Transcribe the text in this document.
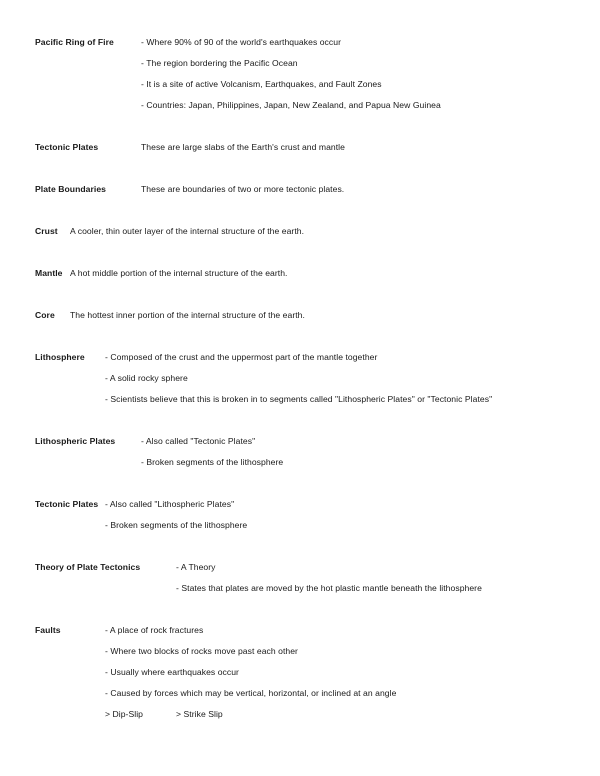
Pacific Ring of Fire	- Where 90% of 90 of the world's earthquakes occur
- The region bordering the Pacific Ocean
- It is a site of active Volcanism, Earthquakes, and Fault Zones
- Countries: Japan, Philippines, Japan, New Zealand, and Papua New Guinea
Tectonic Plates	These are large slabs of the Earth's crust and mantle
Plate Boundaries	These are boundaries of two or more tectonic plates.
Crust A cooler, thin outer layer of the internal structure of the earth.
Mantle A hot middle portion of the internal structure of the earth.
Core The hottest inner portion of the internal structure of the earth.
Lithosphere - Composed of the crust and the uppermost part of the mantle together
- A solid rocky sphere
- Scientists believe that this is broken in to segments called "Lithospheric Plates" or "Tectonic Plates"
Lithospheric Plates	- Also called "Tectonic Plates"
- Broken segments of the lithosphere
Tectonic Plates - Also called "Lithospheric Plates"
- Broken segments of the lithosphere
Theory of Plate Tectonics	- A Theory
- States that plates are moved by the hot plastic mantle beneath the lithosphere
Faults	- A place of rock fractures
- Where two blocks of rocks move past each other
- Usually where earthquakes occur
- Caused by forces which may be vertical, horizontal, or inclined at an angle
> Dip-Slip	> Strike Slip
